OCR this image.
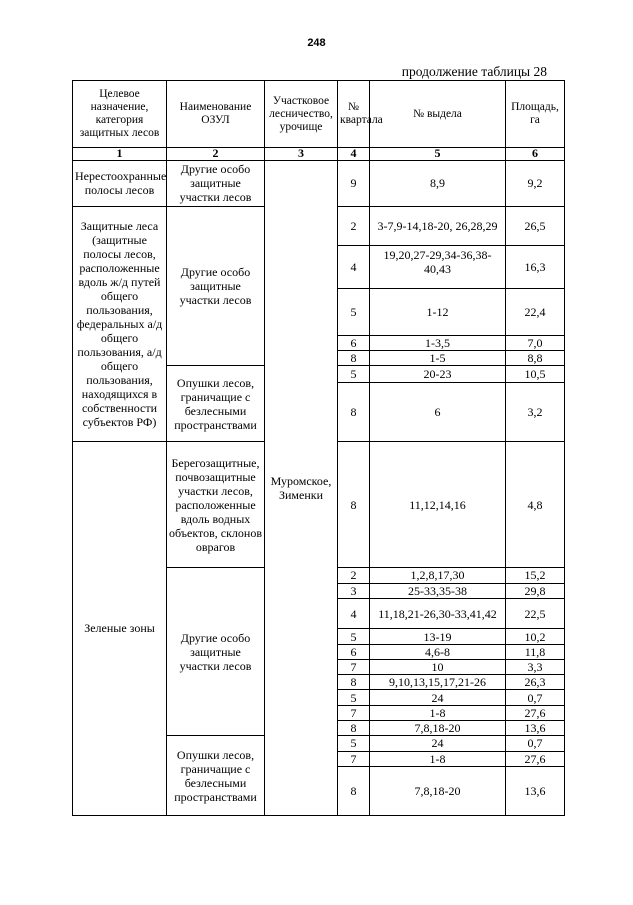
248
продолжение таблицы 28
Целевое назначение, категория защитных лесов	Наименование ОЗУЛ	Участковое лесничество, урочище	№ квартала	№ выдела	Площадь, га
1	2	3	4	5	6
Нерестоохранные полосы лесов	Другие особо защитные участки лесов	Муромское, Зименки	9	8,9	9,2
Защитные леса (защитные полосы лесов, расположенные вдоль ж/д путей общего пользования, федеральных а/д общего пользования, а/д общего пользования, находящихся в собственности субъектов РФ)	Другие особо защитные участки лесов		2	3-7,9-14,18-20, 26,28,29	26,5
			4	19,20,27-29,34-36,38-40,43	16,3
			5	1-12	22,4
			6	1-3,5	7,0
			8	1-5	8,8
	Опушки лесов, граничащие с безлесными пространствами		5	20-23	10,5
			8	6	3,2
Зеленые зоны	Берегозащитные, почвозащитные участки лесов, расположенные вдоль водных объектов, склонов оврагов		8	11,12,14,16	4,8
	Другие особо защитные участки лесов		2	1,2,8,17,30	15,2
			3	25-33,35-38	29,8
			4	11,18,21-26,30-33,41,42	22,5
			5	13-19	10,2
			6	4,6-8	11,8
			7	10	3,3
			8	9,10,13,15,17,21-26	26,3
			5	24	0,7
			7	1-8	27,6
			8	7,8,18-20	13,6
	Опушки лесов, граничащие с безлесными пространствами		5	24	0,7
			7	1-8	27,6
			8	7,8,18-20	13,6
